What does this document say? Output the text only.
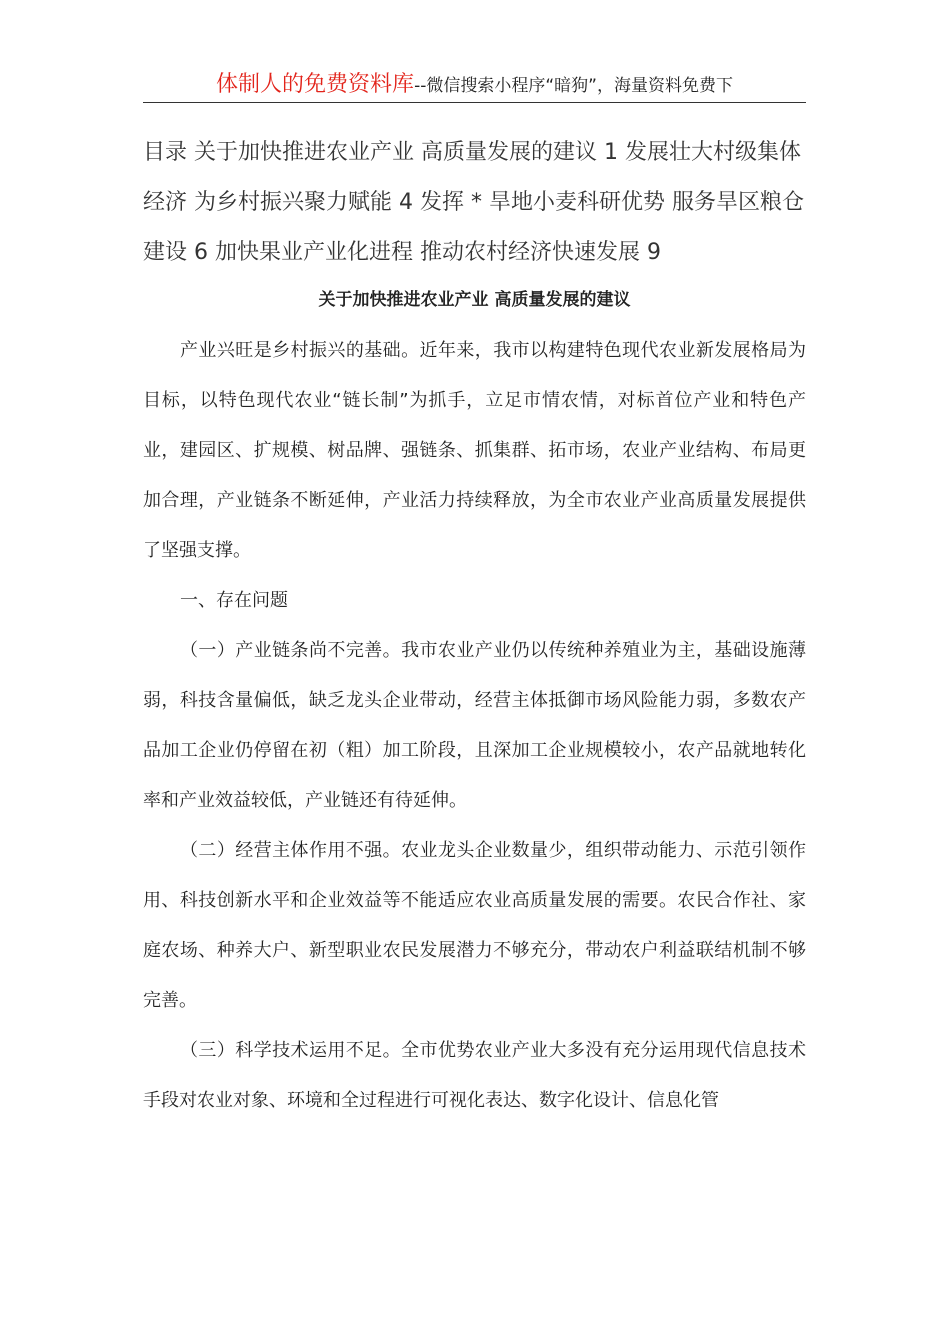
体制人的免费资料库--微信搜索小程序“暗狗”，海量资料免费下

目录 关于加快推进农业产业 高质量发展的建议 1 发展壮大村级集体经济 为乡村振兴聚力赋能 4 发挥 * 旱地小麦科研优势 服务旱区粮仓建设 6 加快果业产业化进程 推动农村经济快速发展 9

关于加快推进农业产业 高质量发展的建议

产业兴旺是乡村振兴的基础。近年来，我市以构建特色现代农业新发展格局为目标，以特色现代农业“链长制”为抓手，立足市情农情，对标首位产业和特色产业，建园区、扩规模、树品牌、强链条、抓集群、拓市场，农业产业结构、布局更加合理，产业链条不断延伸，产业活力持续释放，为全市农业产业高质量发展提供了坚强支撑。

一、存在问题

（一）产业链条尚不完善。我市农业产业仍以传统种养殖业为主，基础设施薄弱，科技含量偏低，缺乏龙头企业带动，经营主体抵御市场风险能力弱，多数农产品加工企业仍停留在初（粗）加工阶段，且深加工企业规模较小，农产品就地转化率和产业效益较低，产业链还有待延伸。

（二）经营主体作用不强。农业龙头企业数量少，组织带动能力、示范引领作用、科技创新水平和企业效益等不能适应农业高质量发展的需要。农民合作社、家庭农场、种养大户、新型职业农民发展潜力不够充分，带动农户利益联结机制不够完善。

（三）科学技术运用不足。全市优势农业产业大多没有充分运用现代信息技术手段对农业对象、环境和全过程进行可视化表达、数字化设计、信息化管
